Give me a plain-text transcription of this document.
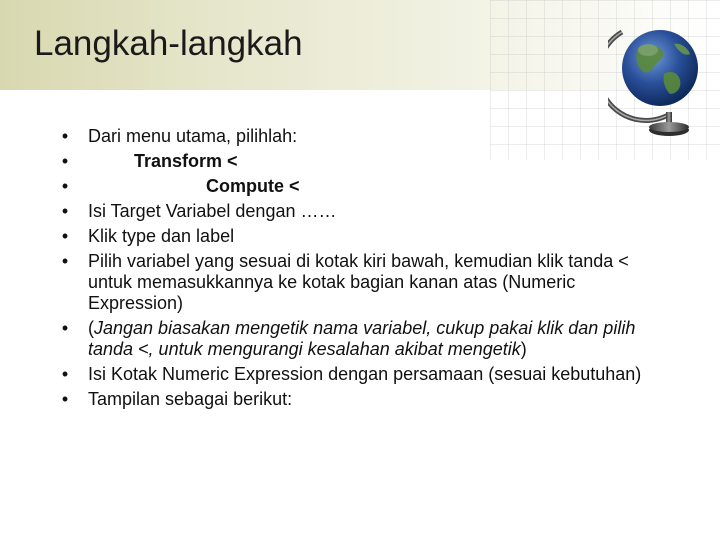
Langkah-langkah
• Dari menu utama, pilihlah:
•	Transform <
•	Compute <
• Isi Target Variabel dengan ……
• Klik type dan label
• Pilih variabel yang sesuai di kotak kiri bawah, kemudian klik tanda < untuk memasukkannya ke kotak bagian kanan atas (Numeric Expression)
• (Jangan biasakan mengetik nama variabel, cukup pakai klik dan pilih tanda <, untuk mengurangi kesalahan akibat mengetik)
• Isi Kotak Numeric Expression dengan persamaan (sesuai kebutuhan)
• Tampilan sebagai berikut:
